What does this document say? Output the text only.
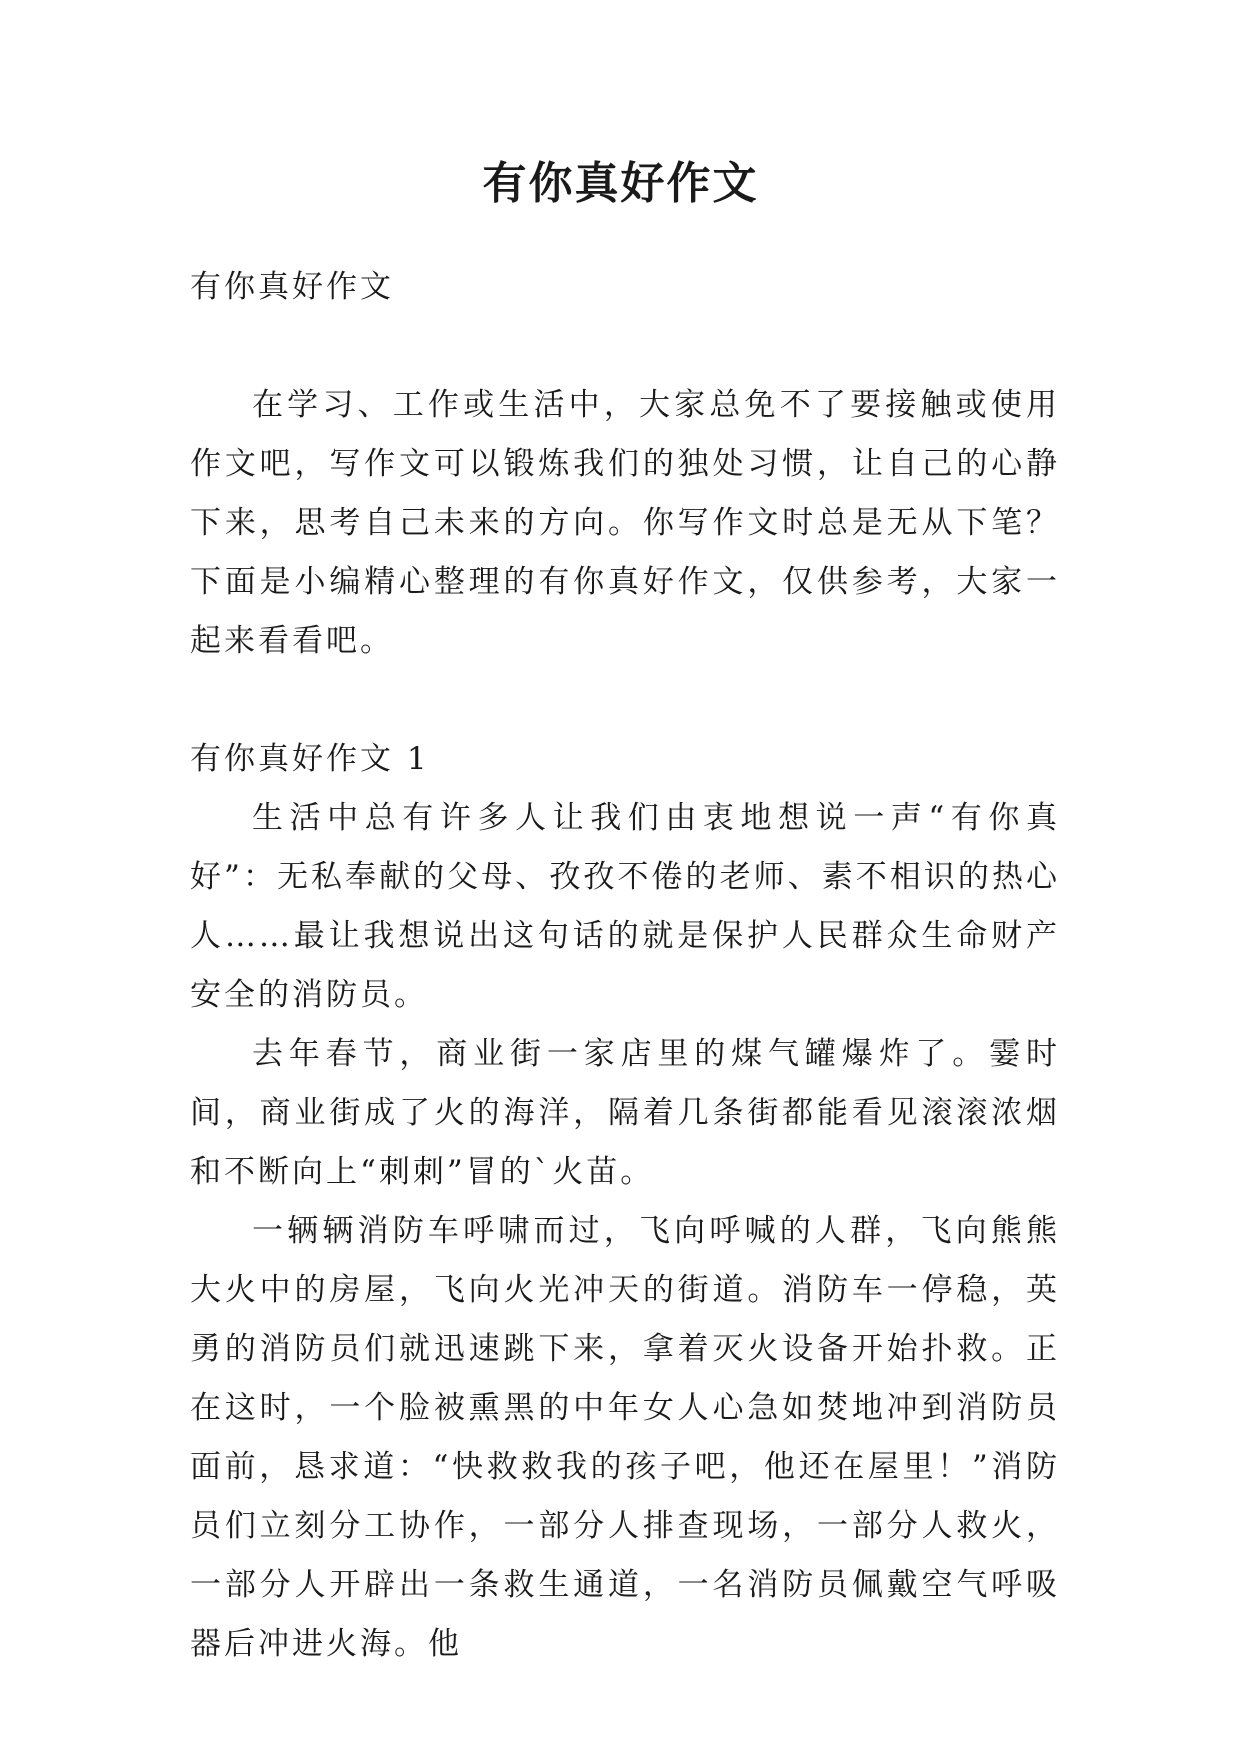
有你真好作文

有你真好作文

在学习、工作或生活中，大家总免不了要接触或使用作文吧，写作文可以锻炼我们的独处习惯，让自己的心静下来，思考自己未来的方向。你写作文时总是无从下笔？下面是小编精心整理的有你真好作文，仅供参考，大家一起来看看吧。

有你真好作文 1

生活中总有许多人让我们由衷地想说一声“有你真好”：无私奉献的父母、孜孜不倦的老师、素不相识的热心人……最让我想说出这句话的就是保护人民群众生命财产安全的消防员。

去年春节，商业街一家店里的煤气罐爆炸了。霎时间，商业街成了火的海洋，隔着几条街都能看见滚滚浓烟和不断向上“刺刺”冒的`火苗。

一辆辆消防车呼啸而过，飞向呼喊的人群，飞向熊熊大火中的房屋，飞向火光冲天的街道。消防车一停稳，英勇的消防员们就迅速跳下来，拿着灭火设备开始扑救。正在这时，一个脸被熏黑的中年女人心急如焚地冲到消防员面前，恳求道：“快救救我的孩子吧，他还在屋里！”消防员们立刻分工协作，一部分人排查现场，一部分人救火，一部分人开辟出一条救生通道，一名消防员佩戴空气呼吸器后冲进火海。他
